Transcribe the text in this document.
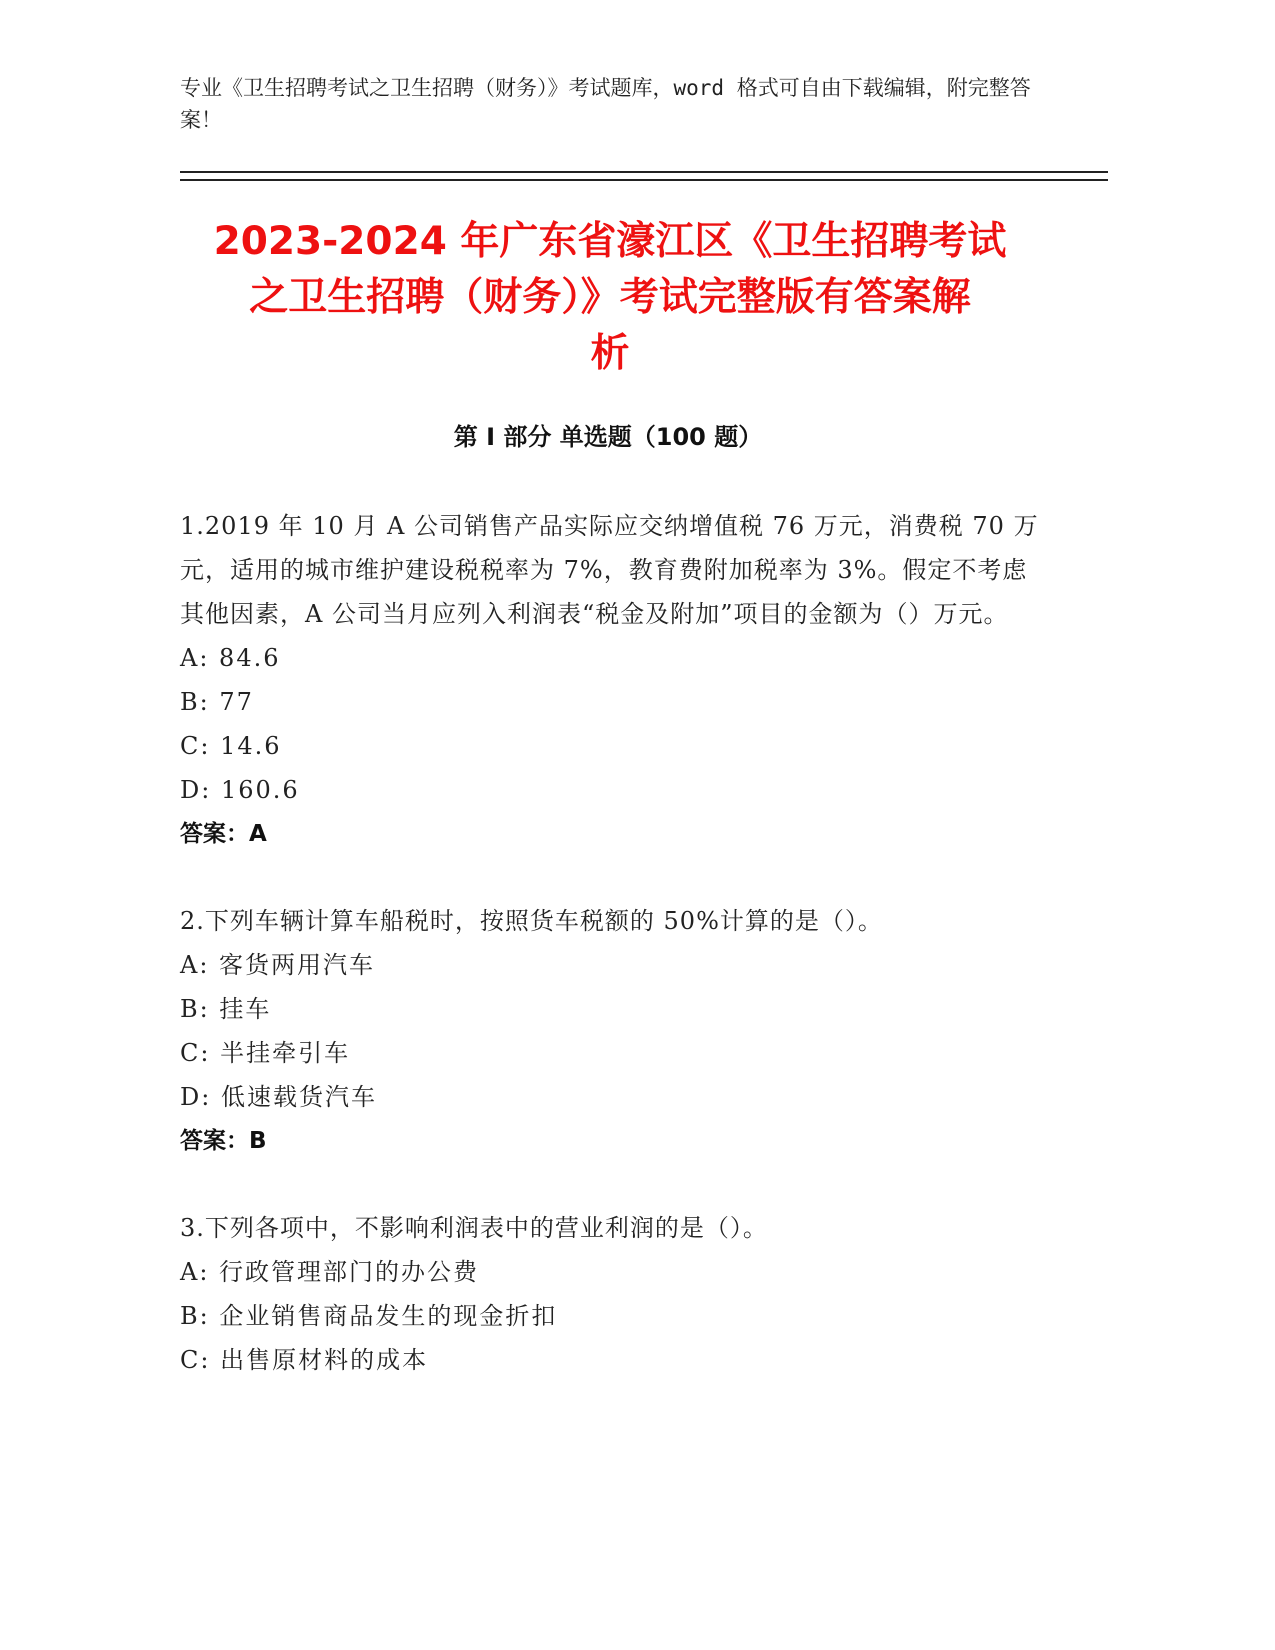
专业《卫生招聘考试之卫生招聘（财务）》考试题库，word 格式可自由下载编辑，附完整答案！
2023-2024 年广东省濠江区《卫生招聘考试
之卫生招聘（财务）》考试完整版有答案解
析
第 I 部分 单选题（100 题）
1.2019 年 10 月 A 公司销售产品实际应交纳增值税 76 万元，消费税 70 万元，适用的城市维护建设税税率为 7%，教育费附加税率为 3%。假定不考虑其他因素，A 公司当月应列入利润表“税金及附加”项目的金额为（）万元。
A: 84.6
B: 77
C: 14.6
D: 160.6
答案：A
2.下列车辆计算车船税时，按照货车税额的 50%计算的是（）。
A: 客货两用汽车
B: 挂车
C: 半挂牵引车
D: 低速载货汽车
答案：B
3.下列各项中，不影响利润表中的营业利润的是（）。
A: 行政管理部门的办公费
B: 企业销售商品发生的现金折扣
C: 出售原材料的成本
